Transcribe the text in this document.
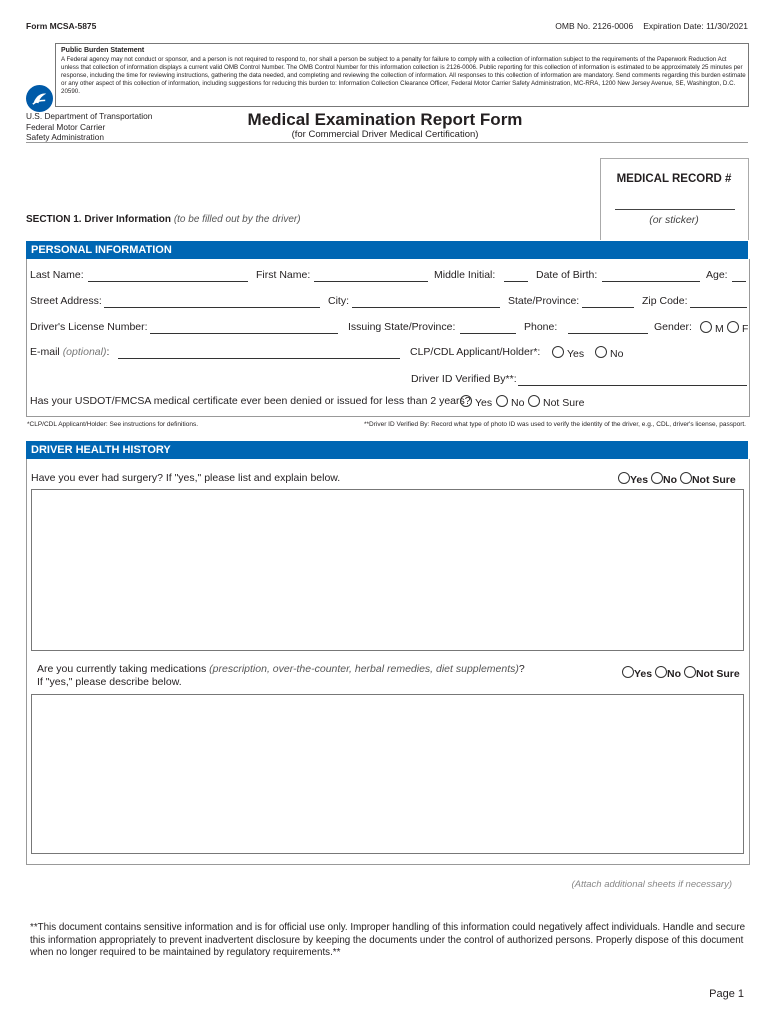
Form MCSA-5875	OMB No. 2126-0006 Expiration Date: 11/30/2021
Public Burden Statement
A Federal agency may not conduct or sponsor, and a person is not required to respond to, nor shall a person be subject to a penalty for failure to comply with a collection of information subject to the requirements of the Paperwork Reduction Act unless that collection of information displays a current valid OMB Control Number. The OMB Control Number for this information collection is 2126-0006. Public reporting for this collection of information is estimated to be approximately 25 minutes per response, including the time for reviewing instructions, gathering the data needed, and completing and reviewing the collection of information. All responses to this collection of information are mandatory. Send comments regarding this burden estimate or any other aspect of this collection of information, including suggestions for reducing this burden to: Information Collection Clearance Officer, Federal Motor Carrier Safety Administration, MC-RRA, 1200 New Jersey Avenue, SE, Washington, D.C. 20590.
U.S. Department of Transportation
Federal Motor Carrier
Safety Administration
Medical Examination Report Form
(for Commercial Driver Medical Certification)
MEDICAL RECORD #
(or sticker)
SECTION 1. Driver Information (to be filled out by the driver)
PERSONAL INFORMATION
Last Name:	First Name:	Middle Initial:	Date of Birth:	Age:
Street Address:	City:	State/Province:	Zip Code:
Driver's License Number:	Issuing State/Province:	Phone:	Gender:	M	F
E-mail (optional):	CLP/CDL Applicant/Holder*:	Yes	No
Driver ID Verified By**:
Has your USDOT/FMCSA medical certificate ever been denied or issued for less than 2 years? Yes	No	Not Sure
*CLP/CDL Applicant/Holder: See instructions for definitions.	**Driver ID Verified By: Record what type of photo ID was used to verify the identity of the driver, e.g., CDL, driver's license, passport.
DRIVER HEALTH HISTORY
Have you ever had surgery? If "yes," please list and explain below.	Yes No Not Sure
Are you currently taking medications (prescription, over-the-counter, herbal remedies, diet supplements)?
If "yes," please describe below.
Yes No Not Sure
(Attach additional sheets if necessary)
**This document contains sensitive information and is for official use only. Improper handling of this information could negatively affect individuals. Handle and secure this information appropriately to prevent inadvertent disclosure by keeping the documents under the control of authorized persons. Properly dispose of this document when no longer required to be maintained by regulatory requirements.**
Page 1
